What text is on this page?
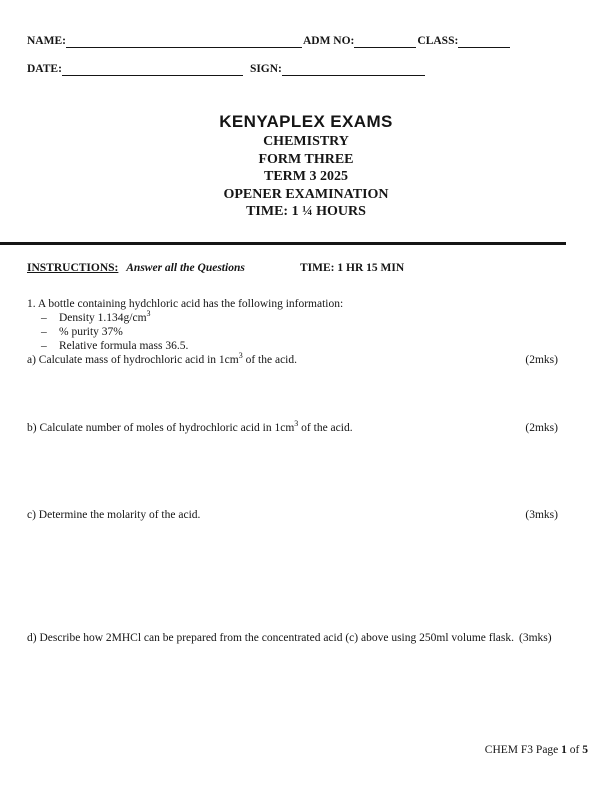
NAME:	ADM NO:	CLASS:
DATE:	SIGN:
KENYAPLEX EXAMS
CHEMISTRY
FORM THREE
TERM 3 2025
OPENER EXAMINATION
TIME: 1 ¼ HOURS
INSTRUCTIONS: Answer all the Questions	TIME: 1 HR 15 MIN
1. A bottle containing hydchloric acid has the following information:
– Density $1.134g/cm^3$
– % purity 37%
– Relative formula mass 36.5.
a) Calculate mass of hydrochloric acid in $1cm^3$ of the acid.	(2mks)
b) Calculate number of moles of hydrochloric acid in $1cm^3$ of the acid.	(2mks)
c) Determine the molarity of the acid.	(3mks)
d) Describe how 2MHCl can be prepared from the concentrated acid (c) above using 250ml volume flask. (3mks)
CHEM F3 Page 1 of 5
